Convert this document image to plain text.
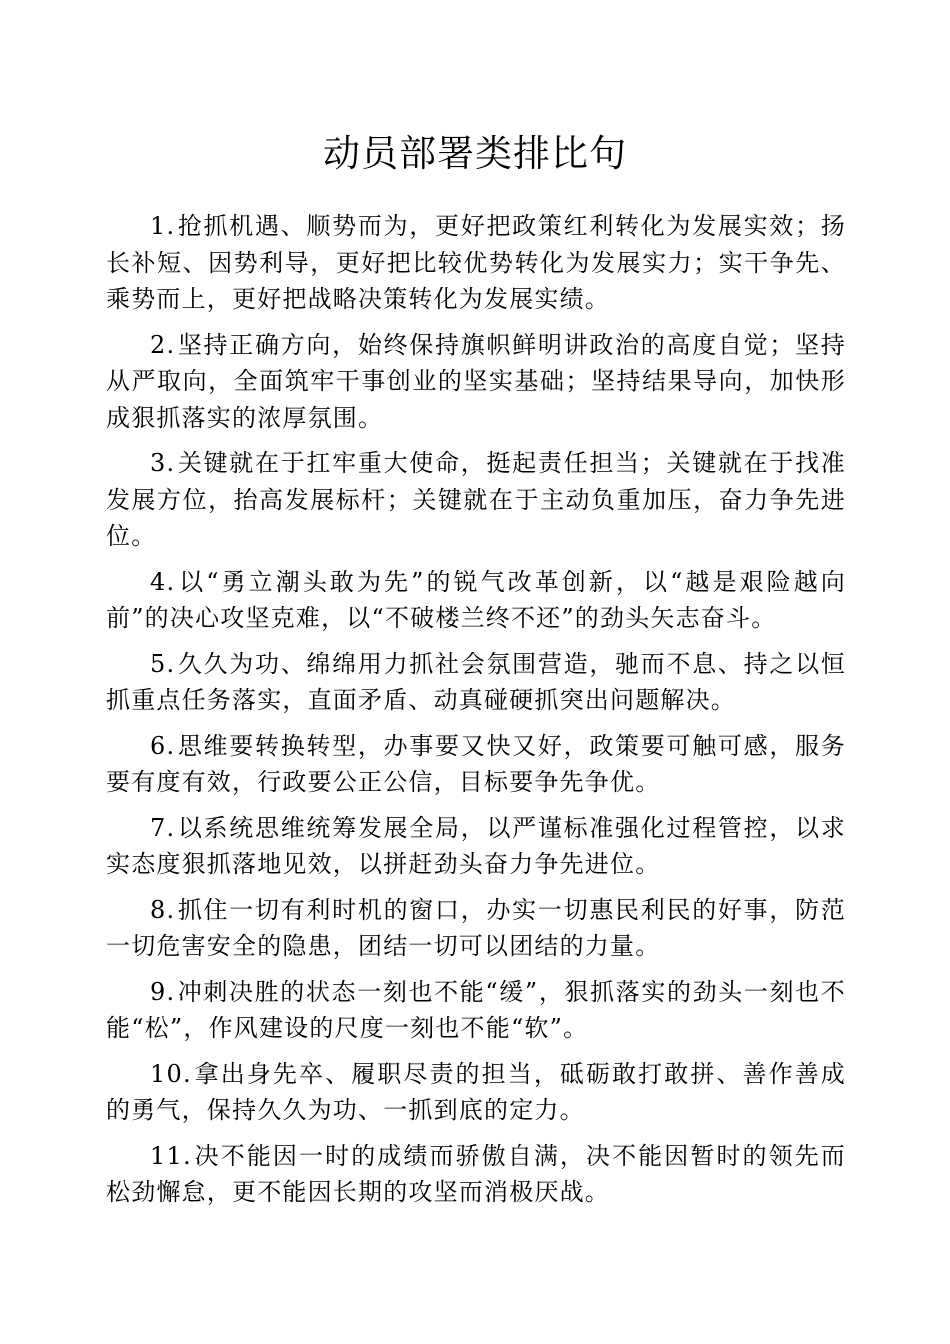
动员部署类排比句

1.抢抓机遇、顺势而为，更好把政策红利转化为发展实效；扬长补短、因势利导，更好把比较优势转化为发展实力；实干争先、乘势而上，更好把战略决策转化为发展实绩。

2.坚持正确方向，始终保持旗帜鲜明讲政治的高度自觉；坚持从严取向，全面筑牢干事创业的坚实基础；坚持结果导向，加快形成狠抓落实的浓厚氛围。

3.关键就在于扛牢重大使命，挺起责任担当；关键就在于找准发展方位，抬高发展标杆；关键就在于主动负重加压，奋力争先进位。

4.以“勇立潮头敢为先”的锐气改革创新，以“越是艰险越向前”的决心攻坚克难，以“不破楼兰终不还”的劲头矢志奋斗。

5.久久为功、绵绵用力抓社会氛围营造，驰而不息、持之以恒抓重点任务落实，直面矛盾、动真碰硬抓突出问题解决。

6.思维要转换转型，办事要又快又好，政策要可触可感，服务要有度有效，行政要公正公信，目标要争先争优。

7.以系统思维统筹发展全局，以严谨标准强化过程管控，以求实态度狠抓落地见效，以拼赶劲头奋力争先进位。

8.抓住一切有利时机的窗口，办实一切惠民利民的好事，防范一切危害安全的隐患，团结一切可以团结的力量。

9.冲刺决胜的状态一刻也不能“缓”，狠抓落实的劲头一刻也不能“松”，作风建设的尺度一刻也不能“软”。

10.拿出身先卒、履职尽责的担当，砥砺敢打敢拼、善作善成的勇气，保持久久为功、一抓到底的定力。

11.决不能因一时的成绩而骄傲自满，决不能因暂时的领先而松劲懈怠，更不能因长期的攻坚而消极厌战。
